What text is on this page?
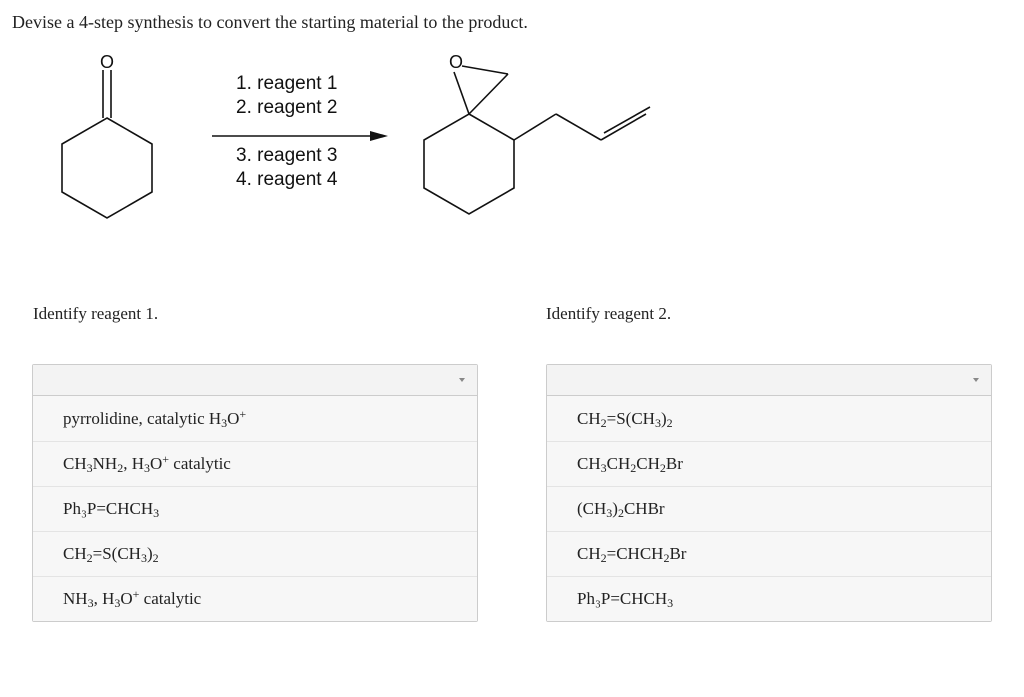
Devise a 4-step synthesis to convert the starting material to the product.
O	O
1. reagent 1
2. reagent 2
3. reagent 3
4. reagent 4
Identify reagent 1.	Identify reagent 2.
pyrrolidine, catalytic $H_3O^+$
$CH_3NH_2$, $H_3O^+$ catalytic
$Ph_3P=CHCH_3$
$CH_2=S(CH_3)_2$
$NH_3$, $H_3O^+$ catalytic
$CH_2=S(CH_3)_2$
$CH_3CH_2CH_2Br$
$(CH_3)_2CHBr$
$CH_2=CHCH_2Br$
$Ph_3P=CHCH_3$
